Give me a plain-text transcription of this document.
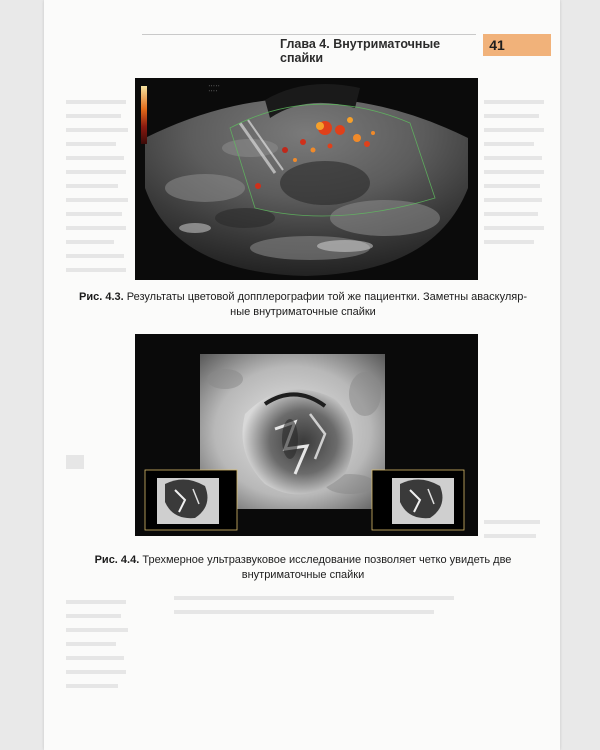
Глава 4. Внутриматочные спайки
41
·····
····
Рис. 4.3. Результаты цветовой допплерографии той же пациентки. Заметны аваскуляр-
ные внутриматочные спайки
Рис. 4.4. Трехмерное ультразвуковое исследование позволяет четко увидеть две
внутриматочные спайки
